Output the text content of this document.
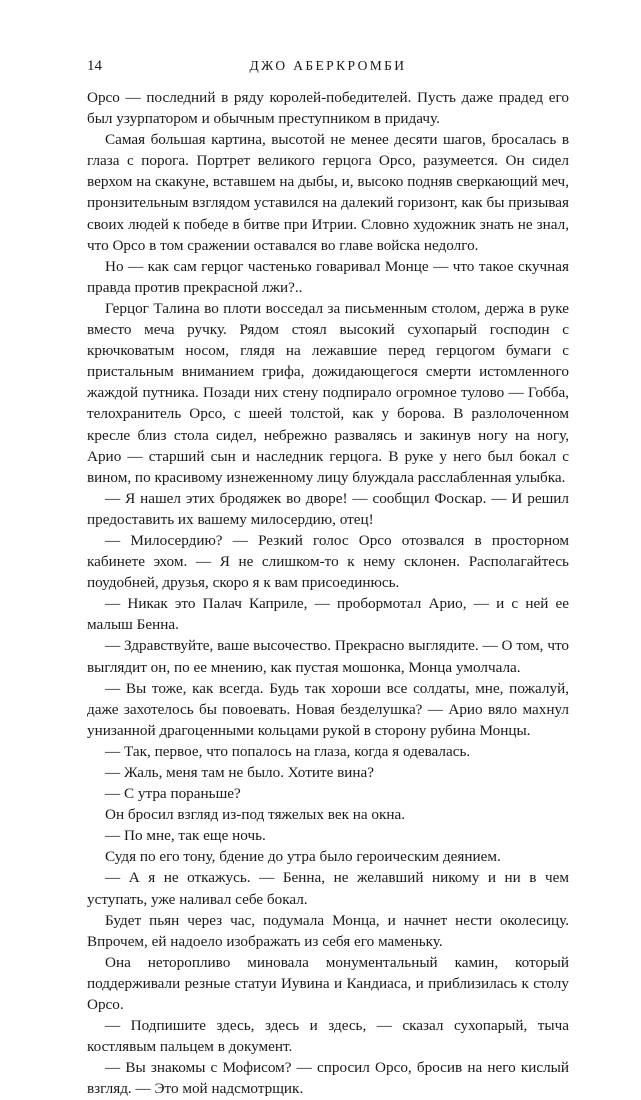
14	ДЖО АБЕРКРОМБИ

Орсо — последний в ряду королей-победителей. Пусть даже прадед его был узурпатором и обычным преступником в придачу.

Самая большая картина, высотой не менее десяти шагов, бросалась в глаза с порога. Портрет великого герцога Орсо, разумеется. Он сидел верхом на скакуне, вставшем на дыбы, и, высоко подняв сверкающий меч, пронзительным взглядом уставился на далекий горизонт, как бы призывая своих людей к победе в битве при Итрии. Словно художник знать не знал, что Орсо в том сражении оставался во главе войска недолго.

Но — как сам герцог частенько говаривал Монце — что такое скучная правда против прекрасной лжи?..

Герцог Талина во плоти восседал за письменным столом, держа в руке вместо меча ручку. Рядом стоял высокий сухопарый господин с крючковатым носом, глядя на лежавшие перед герцогом бумаги с пристальным вниманием грифа, дожидающегося смерти истомленного жаждой путника. Позади них стену подпирало огромное тулово — Гобба, телохранитель Орсо, с шеей толстой, как у борова. В разлолоченном кресле близ стола сидел, небрежно развалясь и закинув ногу на ногу, Арио — старший сын и наследник герцога. В руке у него был бокал с вином, по красивому изнеженному лицу блуждала расслабленная улыбка.

— Я нашел этих бродяжек во дворе! — сообщил Фоскар. — И решил предоставить их вашему милосердию, отец!

— Милосердию? — Резкий голос Орсо отозвался в просторном кабинете эхом. — Я не слишком-то к нему склонен. Располагайтесь поудобней, друзья, скоро я к вам присоединюсь.

— Никак это Палач Каприле, — пробормотал Арио, — и с ней ее малыш Бенна.

— Здравствуйте, ваше высочество. Прекрасно выглядите. — О том, что выглядит он, по ее мнению, как пустая мошонка, Монца умолчала.

— Вы тоже, как всегда. Будь так хороши все солдаты, мне, пожалуй, даже захотелось бы повоевать. Новая безделушка? — Арио вяло махнул унизанной драгоценными кольцами рукой в сторону рубина Монцы.

— Так, первое, что попалось на глаза, когда я одевалась.

— Жаль, меня там не было. Хотите вина?

— С утра пораньше?

Он бросил взгляд из-под тяжелых век на окна.

— По мне, так еще ночь.

Судя по его тону, бдение до утра было героическим деянием.

— А я не откажусь. — Бенна, не желавший никому и ни в чем уступать, уже наливал себе бокал.

Будет пьян через час, подумала Монца, и начнет нести околесицу. Впрочем, ей надоело изображать из себя его маменьку.

Она неторопливо миновала монументальный камин, который поддерживали резные статуи Иувина и Кандиаса, и приблизилась к столу Орсо.

— Подпишите здесь, здесь и здесь, — сказал сухопарый, тыча костлявым пальцем в документ.

— Вы знакомы с Мофисом? — спросил Орсо, бросив на него кислый взгляд. — Это мой надсмотрщик.
